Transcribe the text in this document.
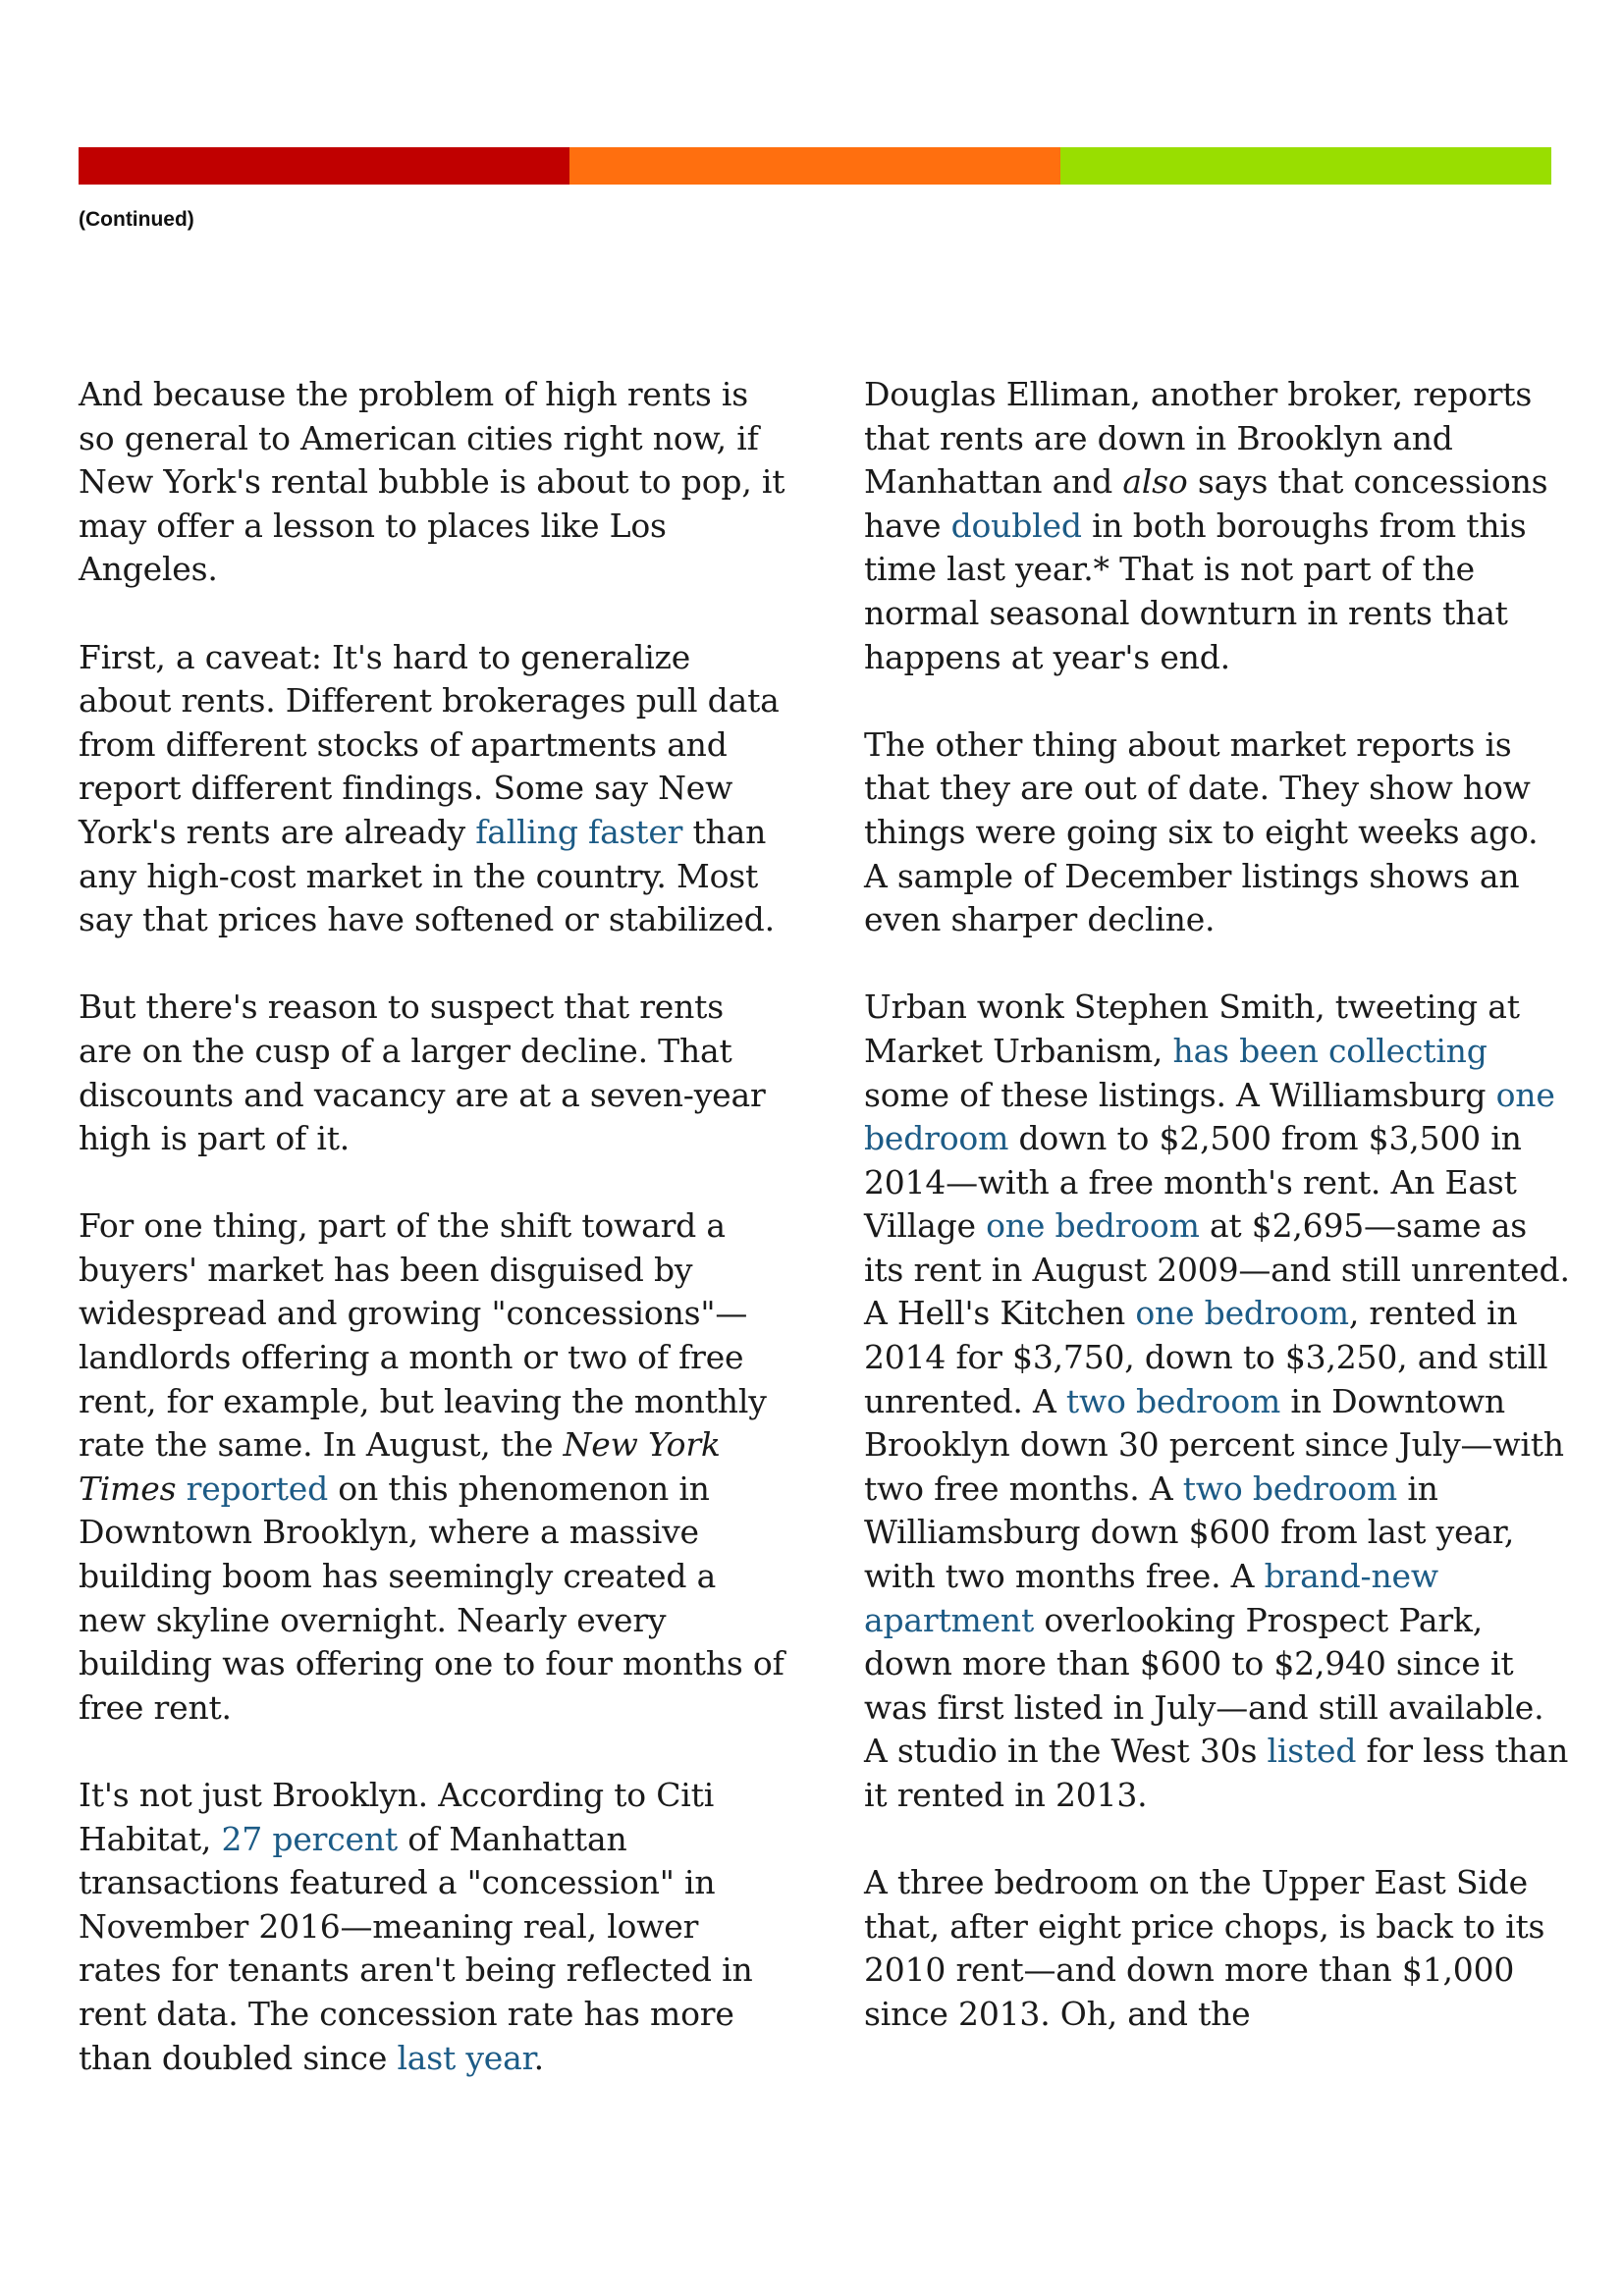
(Continued)

And because the problem of high rents is so general to American cities right now, if New York's rental bubble is about to pop, it may offer a lesson to places like Los Angeles.

First, a caveat: It's hard to generalize about rents. Different brokerages pull data from different stocks of apartments and report different findings. Some say New York's rents are already falling faster than any high-cost market in the country. Most say that prices have softened or stabilized.

But there's reason to suspect that rents are on the cusp of a larger decline. That discounts and vacancy are at a seven-year high is part of it.

For one thing, part of the shift toward a buyers' market has been disguised by widespread and growing "concessions"—landlords offering a month or two of free rent, for example, but leaving the monthly rate the same. In August, the New York Times reported on this phenomenon in Downtown Brooklyn, where a massive building boom has seemingly created a new skyline overnight. Nearly every building was offering one to four months of free rent.

It's not just Brooklyn. According to Citi Habitat, 27 percent of Manhattan transactions featured a "concession" in November 2016—meaning real, lower rates for tenants aren't being reflected in rent data. The concession rate has more than doubled since last year.

Douglas Elliman, another broker, reports that rents are down in Brooklyn and Manhattan and also says that concessions have doubled in both boroughs from this time last year.* That is not part of the normal seasonal downturn in rents that happens at year's end.

The other thing about market reports is that they are out of date. They show how things were going six to eight weeks ago. A sample of December listings shows an even sharper decline.

Urban wonk Stephen Smith, tweeting at Market Urbanism, has been collecting some of these listings. A Williamsburg one bedroom down to $2,500 from $3,500 in 2014—with a free month's rent. An East Village one bedroom at $2,695—same as its rent in August 2009—and still unrented. A Hell's Kitchen one bedroom, rented in 2014 for $3,750, down to $3,250, and still unrented. A two bedroom in Downtown Brooklyn down 30 percent since July—with two free months. A two bedroom in Williamsburg down $600 from last year, with two months free. A brand-new apartment overlooking Prospect Park, down more than $600 to $2,940 since it was first listed in July—and still available. A studio in the West 30s listed for less than it rented in 2013.

A three bedroom on the Upper East Side that, after eight price chops, is back to its 2010 rent—and down more than $1,000 since 2013. Oh, and the
